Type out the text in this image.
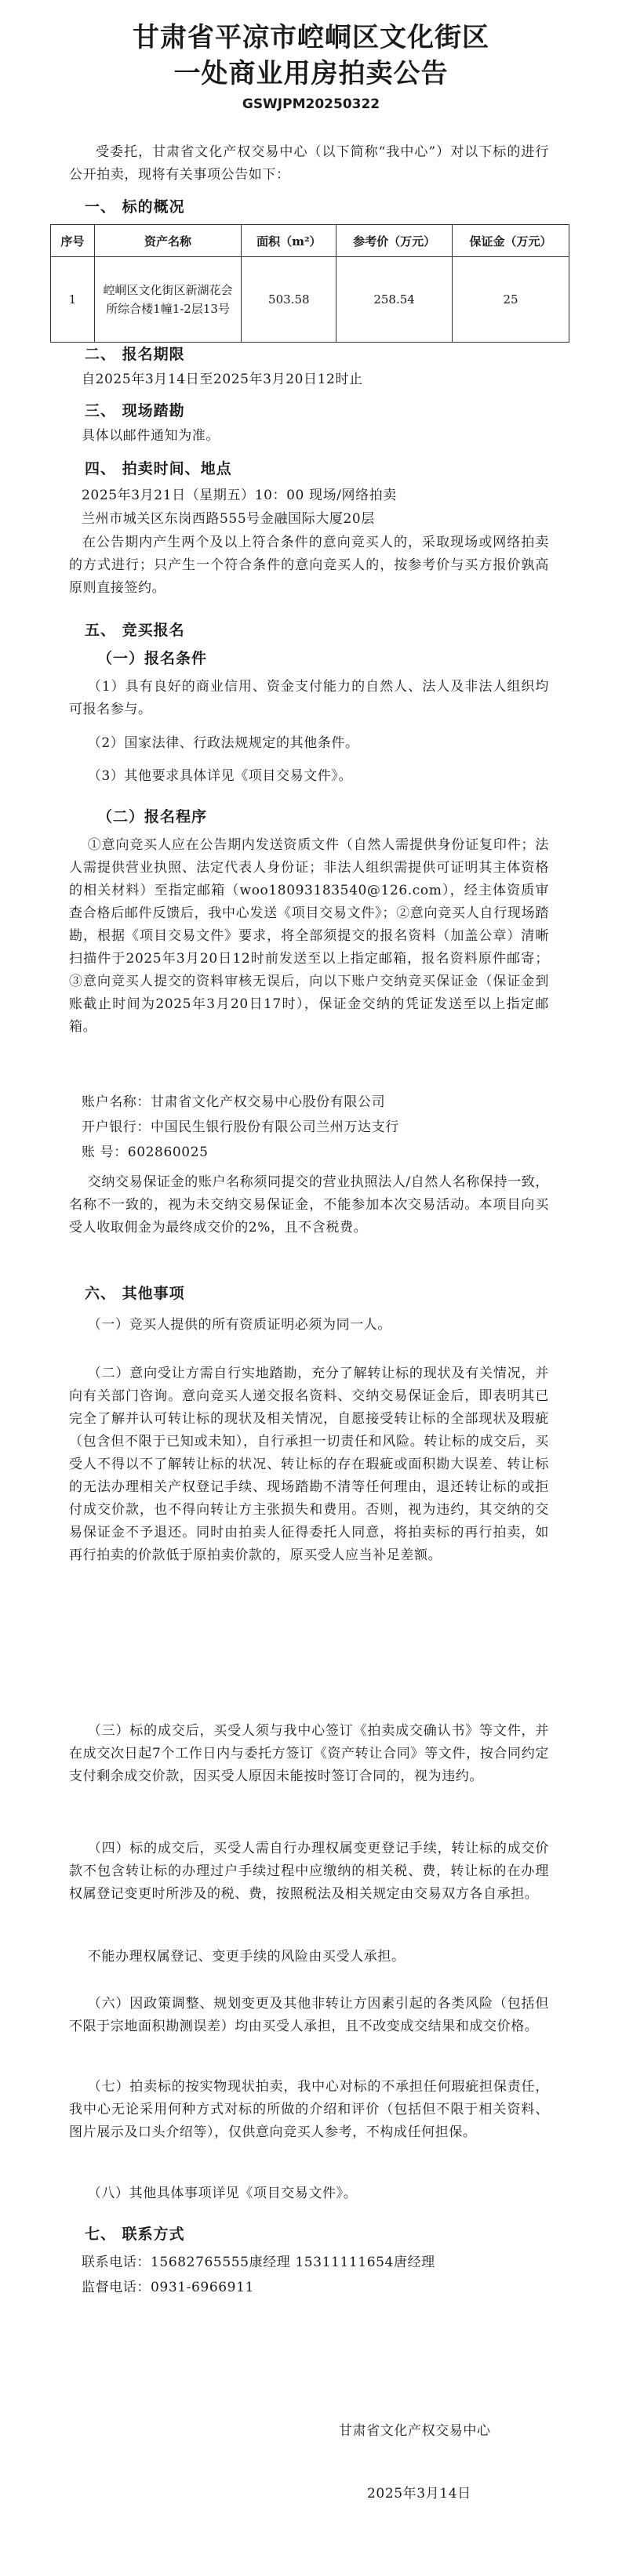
甘肃省平凉市崆峒区文化街区
一处商业用房拍卖公告
GSWJPM20250322
受委托，甘肃省文化产权交易中心（以下简称“我中心”）对以下标的进行公开拍卖，现将有关事项公告如下：
一、 标的概况
序号	资产名称	面积（m²）	参考价（万元）	保证金（万元）
1	崆峒区文化街区新湖花会所综合楼1幢1-2层13号	503.58	258.54	25
二、 报名期限
自2025年3月14日至2025年3月20日12时止
三、 现场踏勘
具体以邮件通知为准。
四、 拍卖时间、地点
2025年3月21日（星期五）10：00 现场/网络拍卖
兰州市城关区东岗西路555号金融国际大厦20层
在公告期内产生两个及以上符合条件的意向竞买人的，采取现场或网络拍卖的方式进行；只产生一个符合条件的意向竞买人的，按参考价与买方报价孰高原则直接签约。
五、 竞买报名
（一）报名条件
（1）具有良好的商业信用、资金支付能力的自然人、法人及非法人组织均可报名参与。
（2）国家法律、行政法规规定的其他条件。
（3）其他要求具体详见《项目交易文件》。
（二）报名程序
①意向竞买人应在公告期内发送资质文件（自然人需提供身份证复印件；法人需提供营业执照、法定代表人身份证；非法人组织需提供可证明其主体资格的相关材料）至指定邮箱（woo18093183540@126.com），经主体资质审查合格后邮件反馈后，我中心发送《项目交易文件》；②意向竞买人自行现场踏勘，根据《项目交易文件》要求，将全部须提交的报名资料（加盖公章）清晰扫描件于2025年3月20日12时前发送至以上指定邮箱，报名资料原件邮寄；③意向竞买人提交的资料审核无误后，向以下账户交纳竞买保证金（保证金到账截止时间为2025年3月20日17时），保证金交纳的凭证发送至以上指定邮箱。
账户名称：甘肃省文化产权交易中心股份有限公司
开户银行：中国民生银行股份有限公司兰州万达支行
账 号：602860025
交纳交易保证金的账户名称须同提交的营业执照法人/自然人名称保持一致，名称不一致的，视为未交纳交易保证金，不能参加本次交易活动。本项目向买受人收取佣金为最终成交价的2%，且不含税费。
六、 其他事项
（一）竞买人提供的所有资质证明必须为同一人。
（二）意向受让方需自行实地踏勘，充分了解转让标的现状及有关情况，并向有关部门咨询。意向竞买人递交报名资料、交纳交易保证金后，即表明其已完全了解并认可转让标的现状及相关情况，自愿接受转让标的全部现状及瑕疵（包含但不限于已知或未知），自行承担一切责任和风险。转让标的成交后，买受人不得以不了解转让标的状况、转让标的存在瑕疵或面积勘大误差、转让标的无法办理相关产权登记手续、现场踏勘不清等任何理由，退还转让标的或拒付成交价款，也不得向转让方主张损失和费用。否则，视为违约，其交纳的交易保证金不予退还。同时由拍卖人征得委托人同意，将拍卖标的再行拍卖，如再行拍卖的价款低于原拍卖价款的，原买受人应当补足差额。
（三）标的成交后，买受人须与我中心签订《拍卖成交确认书》等文件，并在成交次日起7个工作日内与委托方签订《资产转让合同》等文件，按合同约定支付剩余成交价款，因买受人原因未能按时签订合同的，视为违约。
（四）标的成交后，买受人需自行办理权属变更登记手续，转让标的成交价款不包含转让标的办理过户手续过程中应缴纳的相关税、费，转让标的在办理权属登记变更时所涉及的税、费，按照税法及相关规定由交易双方各自承担。
不能办理权属登记、变更手续的风险由买受人承担。
（六）因政策调整、规划变更及其他非转让方因素引起的各类风险（包括但不限于宗地面积勘测误差）均由买受人承担，且不改变成交结果和成交价格。
（七）拍卖标的按实物现状拍卖，我中心对标的不承担任何瑕疵担保责任，我中心无论采用何种方式对标的所做的介绍和评价（包括但不限于相关资料、图片展示及口头介绍等），仅供意向竞买人参考，不构成任何担保。
（八）其他具体事项详见《项目交易文件》。
七、 联系方式
联系电话：15682765555康经理 15311111654唐经理
监督电话：0931-6966911
甘肃省文化产权交易中心
2025年3月14日
